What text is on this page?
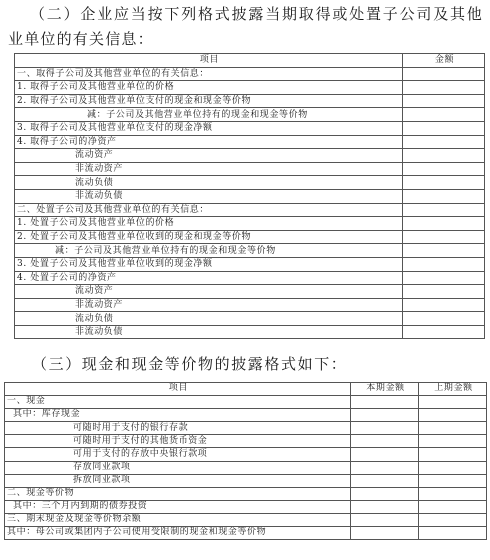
（二）企业应当按下列格式披露当期取得或处置子公司及其他
业单位的有关信息：
项目	金额
一、取得子公司及其他营业单位的有关信息：	
1. 取得子公司及其他营业单位的价格	
2. 取得子公司及其他营业单位支付的现金和现金等价物	
减：子公司及其他营业单位持有的现金和现金等价物	
3. 取得子公司及其他营业单位支付的现金净额	
4. 取得子公司的净资产	
流动资产	
非流动资产	
流动负债	
非流动负债	
二、处置子公司及其他营业单位的有关信息：	
1. 处置子公司及其他营业单位的价格	
2. 处置子公司及其他营业单位收到的现金和现金等价物	
减：子公司及其他营业单位持有的现金和现金等价物	
3. 处置子公司及其他营业单位收到的现金净额	
4. 处置子公司的净资产	
流动资产	
非流动资产	
流动负债	
非流动负债	
（三）现金和现金等价物的披露格式如下：
项目	本期金额	上期金额
一、现金		
其中：库存现金		
可随时用于支付的银行存款		
可随时用于支付的其他货币资金		
可用于支付的存放中央银行款项		
存放同业款项		
拆放同业款项		
二、现金等价物		
其中：三个月内到期的债券投资		
三、期末现金及现金等价物余额		
其中：母公司或集团内子公司使用受限制的现金和现金等价物		
